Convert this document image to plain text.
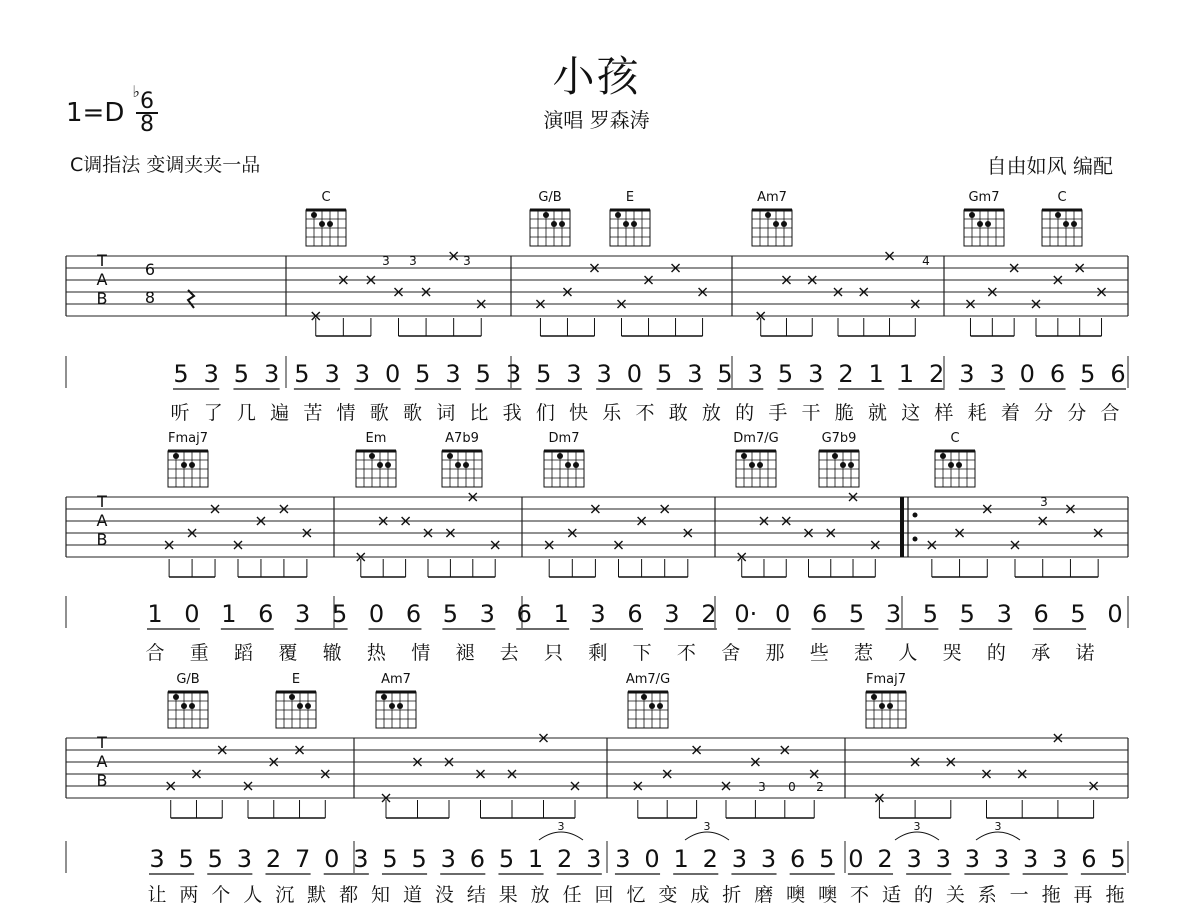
小孩
演唱 罗森涛
1=
♭
D 6
8
C调指法 变调夹夹一品	自由如风 编配
T
A
B
6
8
3 3	3	4
T
A
B
3
T
A
B	3 0 2
3	3	3	3
C	G/B	E	Am7	Gm7	C
5 3 5 3 5 3 3 0 5 3 5 3 5 3 3 0 5 3 5 3 5 3 2 1 1 2 3 3 0 6 5 6
听 了 几 遍 苦 情 歌 歌 词 比 我 们 快 乐 不 敢 放 的 手 干 脆 就 这 样 耗 着 分 分 合
Fmaj7	Em	A7b9	Dm7	Dm7/G	G7b9	C
1 0 1 6 3 5 0 6 5 3 6 1 3 6 3 2 0· 0 6 5 3 5 5 3 6 5 0
合 重 蹈 覆 辙 热 情 褪 去 只 剩 下 不 舍 那 些 惹 人 哭 的 承 诺
G/B	E	Am7	Am7/G	Fmaj7
3 5 5 3 2 7 0 3 5 5 3 6 5 1 2 3 3 0 1 2 3 3 6 5 0 2 3 3 3 3 3 3 6 5
让 两 个 人 沉 默 都 知 道 没 结 果 放 任 回 忆 变 成 折 磨 噢 噢 不 适 的 关 系 一 拖 再 拖
